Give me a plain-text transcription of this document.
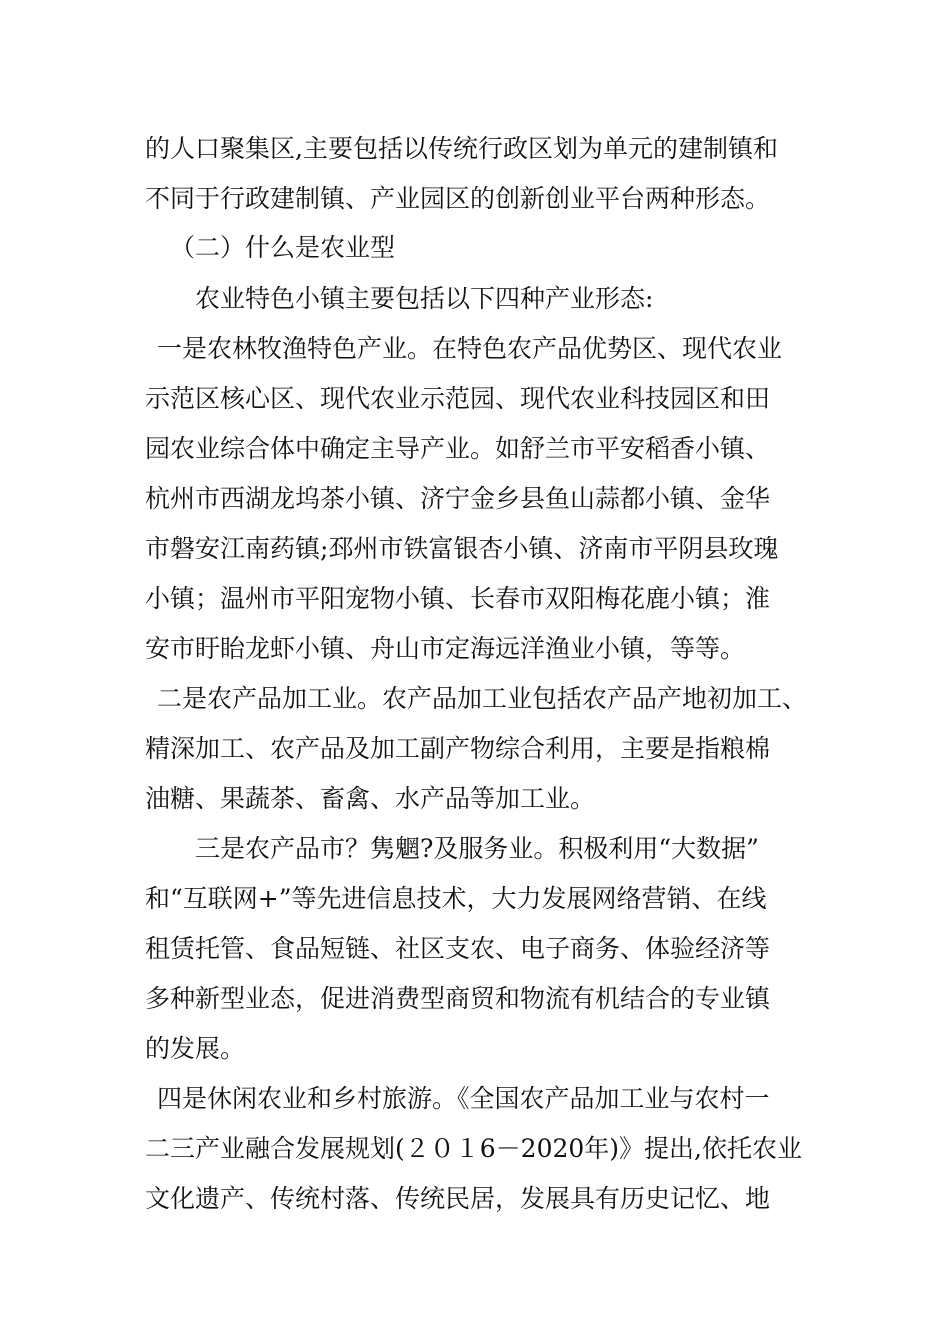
的人口聚集区,主要包括以传统行政区划为单元的建制镇和
不同于行政建制镇、产业园区的创新创业平台两种形态。
（二）什么是农业型
农业特色小镇主要包括以下四种产业形态:
一是农林牧渔特色产业。在特色农产品优势区、现代农业
示范区核心区、现代农业示范园、现代农业科技园区和田
园农业综合体中确定主导产业。如舒兰市平安稻香小镇、
杭州市西湖龙坞茶小镇、济宁金乡县鱼山蒜都小镇、金华
市磐安江南药镇;邳州市铁富银杏小镇、济南市平阴县玫瑰
小镇；温州市平阳宠物小镇、长春市双阳梅花鹿小镇；淮
安市盱眙龙虾小镇、舟山市定海远洋渔业小镇，等等。
二是农产品加工业。农产品加工业包括农产品产地初加工、
精深加工、农产品及加工副产物综合利用，主要是指粮棉
油糖、果蔬茶、畜禽、水产品等加工业。
三是农产品市？隽魍?及服务业。积极利用“大数据”
和“互联网+”等先进信息技术，大力发展网络营销、在线
租赁托管、食品短链、社区支农、电子商务、体验经济等
多种新型业态，促进消费型商贸和物流有机结合的专业镇
的发展。
四是休闲农业和乡村旅游。《全国农产品加工业与农村一
二三产业融合发展规划(２０１6－2020年)》提出,依托农业
文化遗产、传统村落、传统民居，发展具有历史记忆、地
